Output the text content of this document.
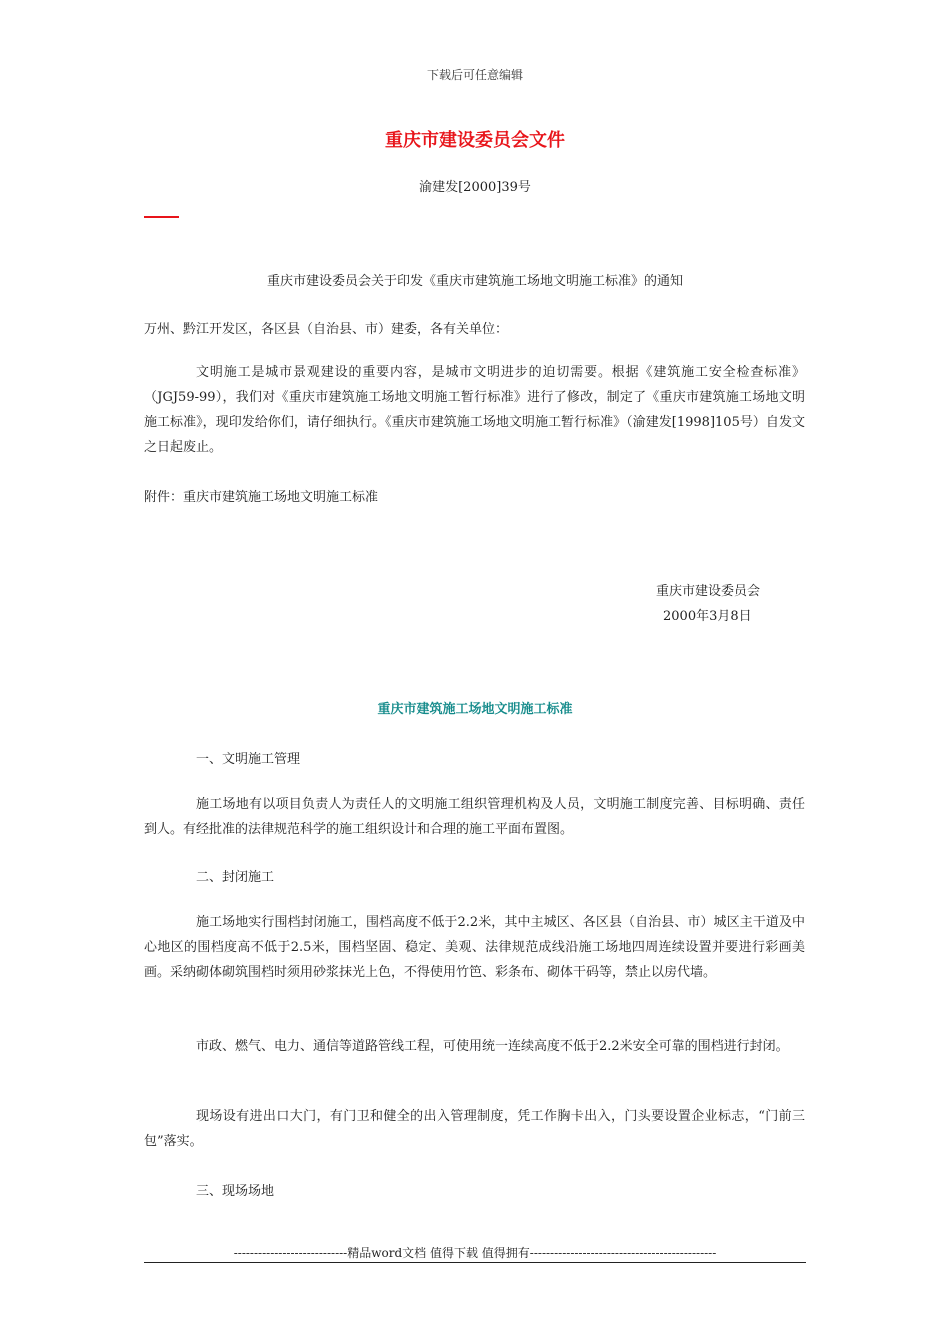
下载后可任意编辑
重庆市建设委员会文件
渝建发[2000]39号
重庆市建设委员会关于印发《重庆市建筑施工场地文明施工标准》的通知
万州、黔江开发区，各区县（自治县、市）建委，各有关单位：
文明施工是城市景观建设的重要内容，是城市文明进步的迫切需要。根据《建筑施工安全检查标准》（JGJ59-99），我们对《重庆市建筑施工场地文明施工暂行标准》进行了修改，制定了《重庆市建筑施工场地文明施工标准》，现印发给你们，请仔细执行。《重庆市建筑施工场地文明施工暂行标准》（渝建发[1998]105号）自发文之日起废止。
附件：重庆市建筑施工场地文明施工标准
重庆市建设委员会
2000年3月8日
重庆市建筑施工场地文明施工标准
一、文明施工管理
施工场地有以项目负责人为责任人的文明施工组织管理机构及人员，文明施工制度完善、目标明确、责任到人。有经批准的法律规范科学的施工组织设计和合理的施工平面布置图。
二、封闭施工
施工场地实行围档封闭施工，围档高度不低于2.2米，其中主城区、各区县（自治县、市）城区主干道及中心地区的围档度高不低于2.5米，围档坚固、稳定、美观、法律规范成线沿施工场地四周连续设置并要进行彩画美画。采纳砌体砌筑围档时须用砂浆抹光上色，不得使用竹笆、彩条布、砌体干码等，禁止以房代墙。
市政、燃气、电力、通信等道路管线工程，可使用统一连续高度不低于2.2米安全可靠的围档进行封闭。
现场设有进出口大门，有门卫和健全的出入管理制度，凭工作胸卡出入，门头要设置企业标志，“门前三包”落实。
三、现场场地
----------------------------精品word文档 值得下载 值得拥有----------------------------------------------
